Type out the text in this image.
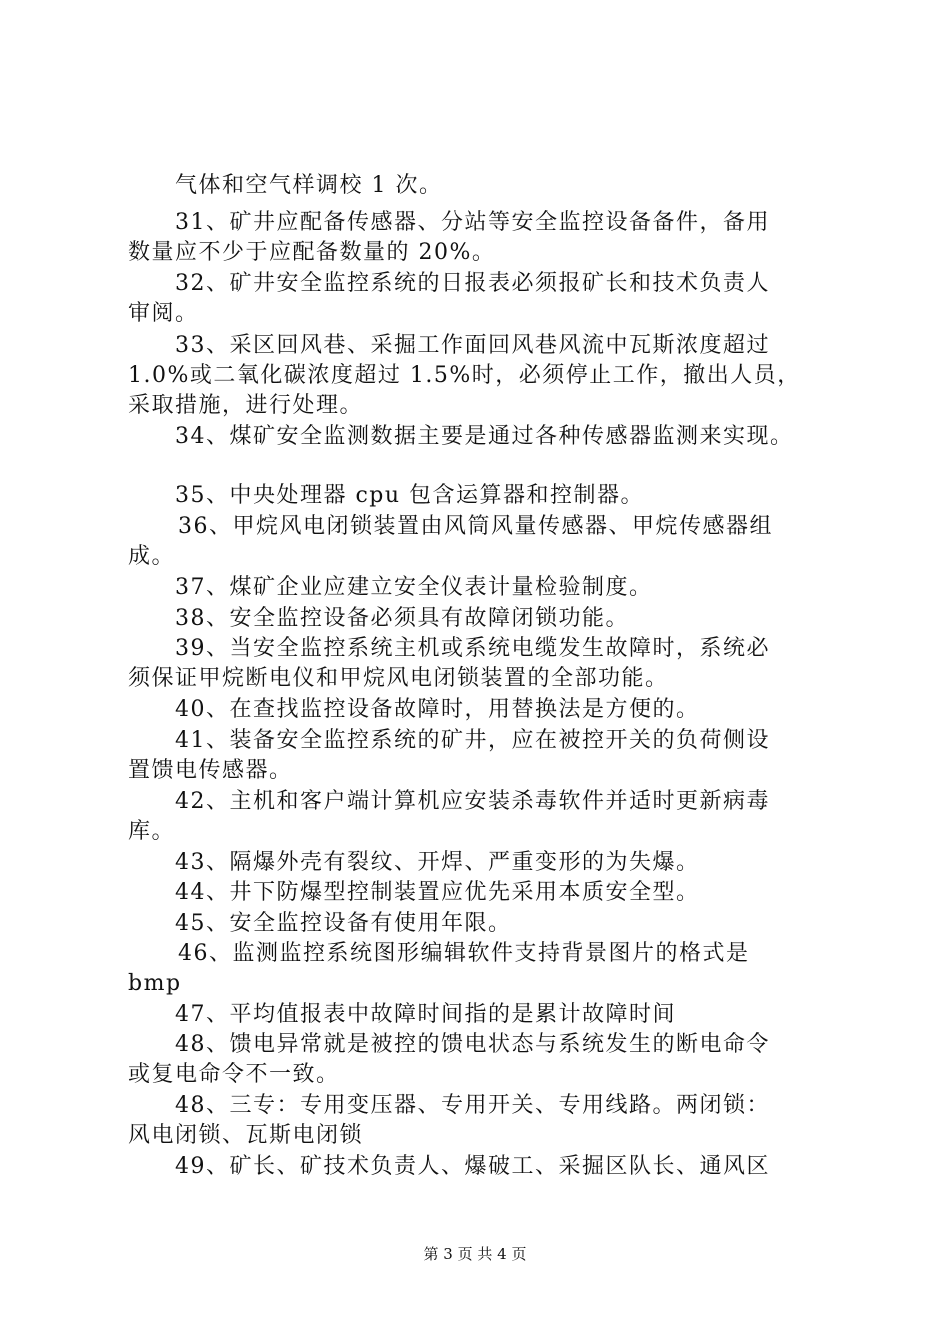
气体和空气样调校 1 次。
31、矿井应配备传感器、分站等安全监控设备备件，备用
数量应不少于应配备数量的 20%。
32、矿井安全监控系统的日报表必须报矿长和技术负责人
审阅。
33、采区回风巷、采掘工作面回风巷风流中瓦斯浓度超过
1.0%或二氧化碳浓度超过 1.5%时，必须停止工作，撤出人员，
采取措施，进行处理。
34、煤矿安全监测数据主要是通过各种传感器监测来实现。
35、中央处理器 cpu 包含运算器和控制器。
36、甲烷风电闭锁装置由风筒风量传感器、甲烷传感器组
成。
37、煤矿企业应建立安全仪表计量检验制度。
38、安全监控设备必须具有故障闭锁功能。
39、当安全监控系统主机或系统电缆发生故障时，系统必
须保证甲烷断电仪和甲烷风电闭锁装置的全部功能。
40、在查找监控设备故障时，用替换法是方便的。
41、装备安全监控系统的矿井，应在被控开关的负荷侧设
置馈电传感器。
42、主机和客户端计算机应安装杀毒软件并适时更新病毒
库。
43、隔爆外壳有裂纹、开焊、严重变形的为失爆。
44、井下防爆型控制装置应优先采用本质安全型。
45、安全监控设备有使用年限。
46、监测监控系统图形编辑软件支持背景图片的格式是
bmp
47、平均值报表中故障时间指的是累计故障时间
48、馈电异常就是被控的馈电状态与系统发生的断电命令
或复电命令不一致。
48、三专：专用变压器、专用开关、专用线路。两闭锁：
风电闭锁、瓦斯电闭锁
49、矿长、矿技术负责人、爆破工、采掘区队长、通风区
第 3 页 共 4 页
